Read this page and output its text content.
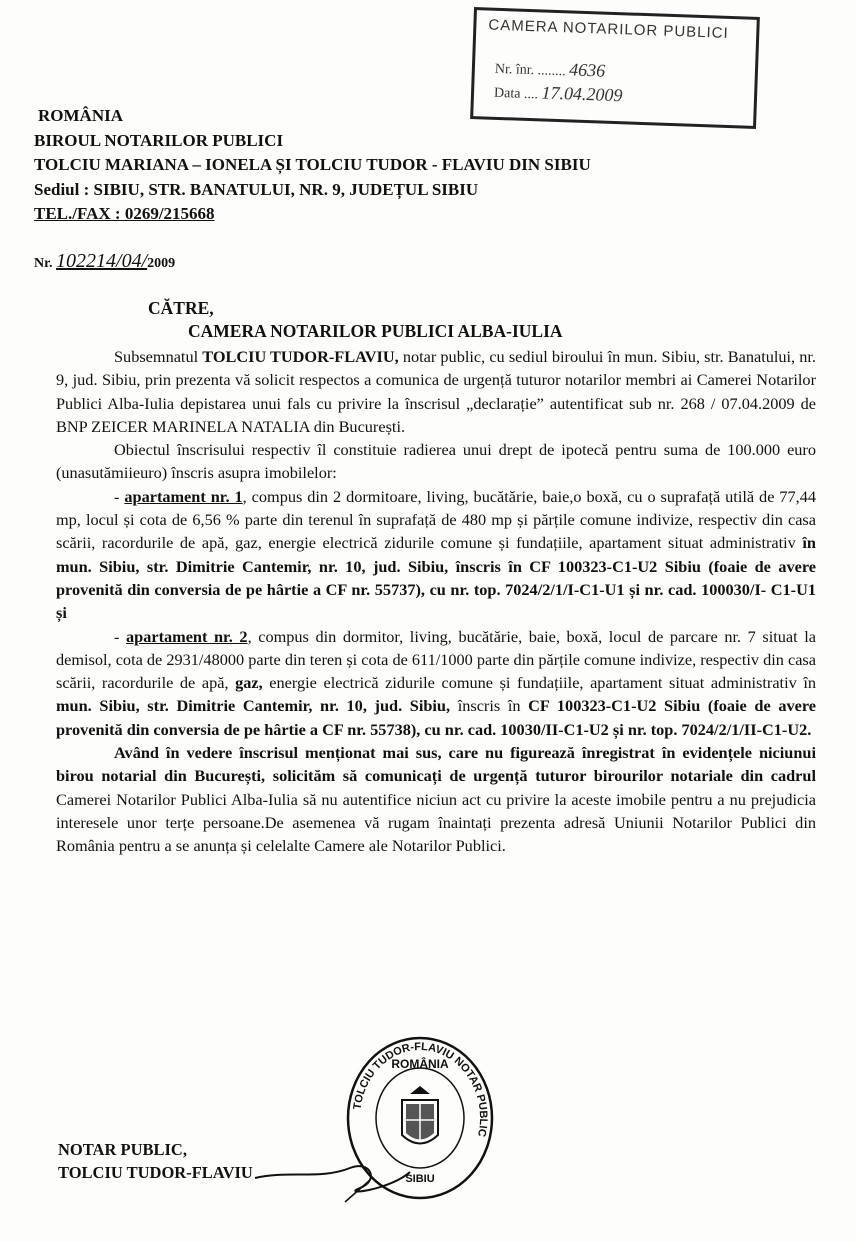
CAMERA NOTARILOR PUBLICI
Nr. înr. ........ 4636
Data .... 17.04.2009
ROMÂNIA
BIROUL NOTARILOR PUBLICI
TOLCIU MARIANA – IONELA ȘI TOLCIU TUDOR - FLAVIU DIN SIBIU
Sediul : SIBIU, STR. BANATULUI, NR. 9, JUDEȚUL SIBIU
TEL./FAX : 0269/215668
Nr. 102214/04/2009
CĂTRE,
CAMERA NOTARILOR PUBLICI ALBA-IULIA

Subsemnatul TOLCIU TUDOR-FLAVIU, notar public, cu sediul biroului în mun. Sibiu, str. Banatului, nr. 9, jud. Sibiu, prin prezenta vă solicit respectos a comunica de urgență tuturor notarilor membri ai Camerei Notarilor Publici Alba-Iulia depistarea unui fals cu privire la înscrisul „declarație” autentificat sub nr. 268 / 07.04.2009 de BNP ZEICER MARINELA NATALIA din București.

Obiectul înscrisului respectiv îl constituie radierea unui drept de ipotecă pentru suma de 100.000 euro (unasutămiieuro) înscris asupra imobilelor:

- apartament nr. 1, compus din 2 dormitoare, living, bucătărie, baie,o boxă, cu o suprafață utilă de 77,44 mp, locul și cota de 6,56 % parte din terenul în suprafață de 480 mp și părțile comune indivize, respectiv din casa scării, racordurile de apă, gaz, energie electrică zidurile comune și fundațiile, apartament situat administrativ în mun. Sibiu, str. Dimitrie Cantemir, nr. 10, jud. Sibiu, înscris în CF 100323-C1-U2 Sibiu (foaie de avere provenită din conversia de pe hârtie a CF nr. 55737), cu nr. top. 7024/2/1/I-C1-U1 și nr. cad. 100030/I- C1-U1 și

- apartament nr. 2, compus din dormitor, living, bucătărie, baie, boxă, locul de parcare nr. 7 situat la demisol, cota de 2931/48000 parte din teren și cota de 611/1000 parte din părțile comune indivize, respectiv din casa scării, racordurile de apă, gaz, energie electrică zidurile comune și fundațiile, apartament situat administrativ în mun. Sibiu, str. Dimitrie Cantemir, nr. 10, jud. Sibiu, înscris în CF 100323-C1-U2 Sibiu (foaie de avere provenită din conversia de pe hârtie a CF nr. 55738), cu nr. cad. 10030/II-C1-U2 și nr. top. 7024/2/1/II-C1-U2.

Având în vedere înscrisul menționat mai sus, care nu figurează înregistrat în evidențele niciunui birou notarial din București, solicităm să comunicați de urgență tuturor birourilor notariale din cadrul Camerei Notarilor Publici Alba-Iulia să nu autentifice niciun act cu privire la aceste imobile pentru a nu prejudicia interesele unor terțe persoane.De asemenea vă rugam înaintați prezenta adresă Uniunii Notarilor Publici din România pentru a se anunța și celelalte Camere ale Notarilor Publici.

NOTAR PUBLIC,
TOLCIU TUDOR-FLAVIU
TOLCIU TUDOR-FLAVIU NOTAR PUBLIC
ROMÂNIA
SIBIU
